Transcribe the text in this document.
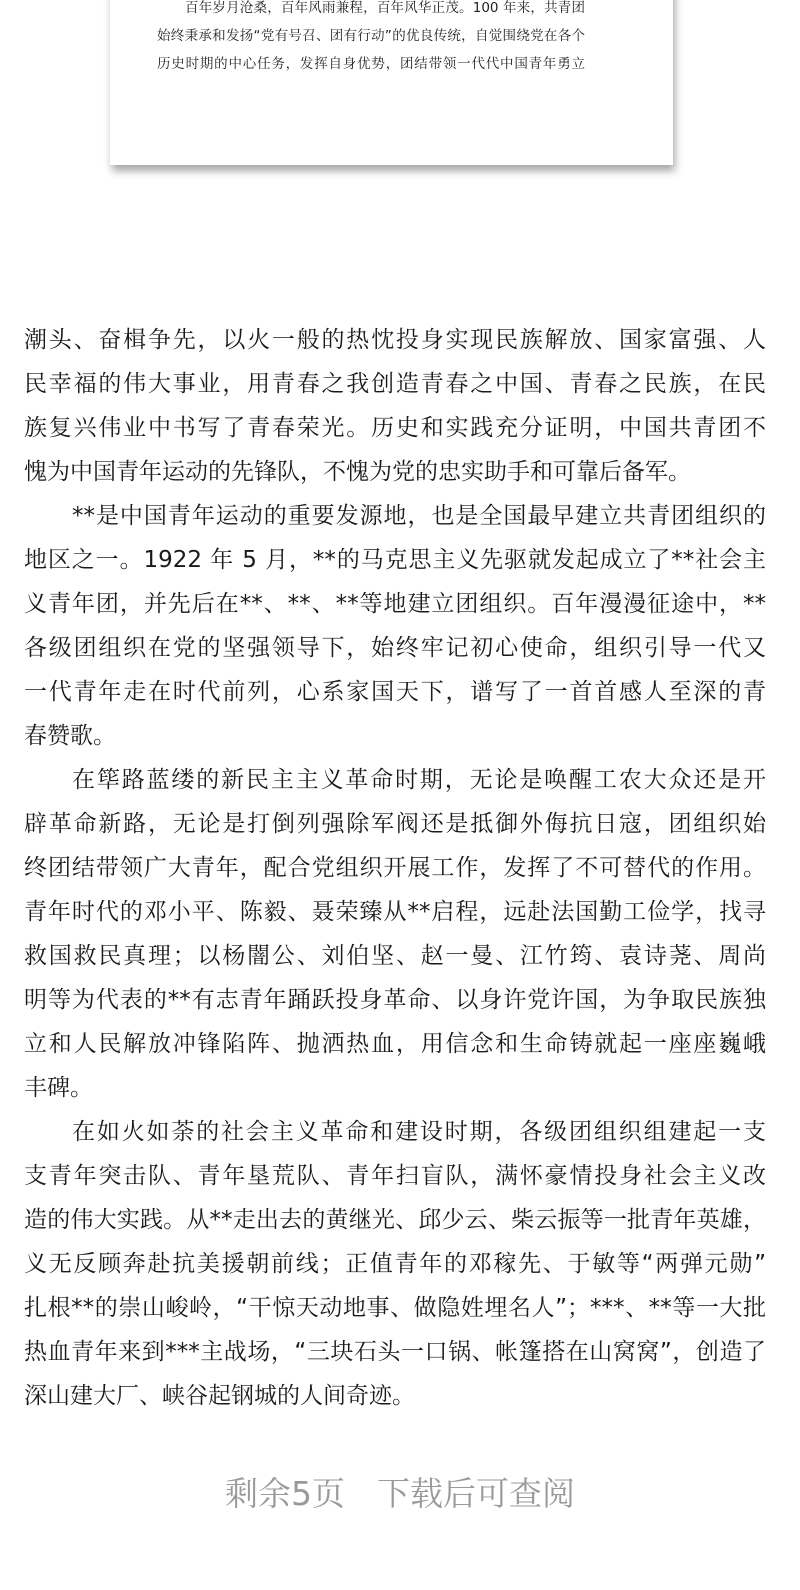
百年岁月沧桑，百年风雨兼程，百年风华正茂。100 年来，共青团
始终秉承和发扬“党有号召、团有行动”的优良传统，自觉围绕党在各个
历史时期的中心任务，发挥自身优势，团结带领一代代中国青年勇立
潮头、奋楫争先，以火一般的热忱投身实现民族解放、国家富强、人
民幸福的伟大事业，用青春之我创造青春之中国、青春之民族，在民
族复兴伟业中书写了青春荣光。历史和实践充分证明，中国共青团不
愧为中国青年运动的先锋队，不愧为党的忠实助手和可靠后备军。
**是中国青年运动的重要发源地，也是全国最早建立共青团组织的
地区之一。1922 年 5 月，**的马克思主义先驱就发起成立了**社会主
义青年团，并先后在**、**、**等地建立团组织。百年漫漫征途中，**
各级团组织在党的坚强领导下，始终牢记初心使命，组织引导一代又
一代青年走在时代前列，心系家国天下，谱写了一首首感人至深的青
春赞歌。
在筚路蓝缕的新民主主义革命时期，无论是唤醒工农大众还是开
辟革命新路，无论是打倒列强除军阀还是抵御外侮抗日寇，团组织始
终团结带领广大青年，配合党组织开展工作，发挥了不可替代的作用。
青年时代的邓小平、陈毅、聂荣臻从**启程，远赴法国勤工俭学，找寻
救国救民真理；以杨闇公、刘伯坚、赵一曼、江竹筠、袁诗荛、周尚
明等为代表的**有志青年踊跃投身革命、以身许党许国，为争取民族独
立和人民解放冲锋陷阵、抛洒热血，用信念和生命铸就起一座座巍峨
丰碑。
在如火如荼的社会主义革命和建设时期，各级团组织组建起一支
支青年突击队、青年垦荒队、青年扫盲队，满怀豪情投身社会主义改
造的伟大实践。从**走出去的黄继光、邱少云、柴云振等一批青年英雄，
义无反顾奔赴抗美援朝前线；正值青年的邓稼先、于敏等“两弹元勋”
扎根**的崇山峻岭，“干惊天动地事、做隐姓埋名人”；***、**等一大批
热血青年来到***主战场，“三块石头一口锅、帐篷搭在山窝窝”，创造了
深山建大厂、峡谷起钢城的人间奇迹。
剩余5页 下载后可查阅
